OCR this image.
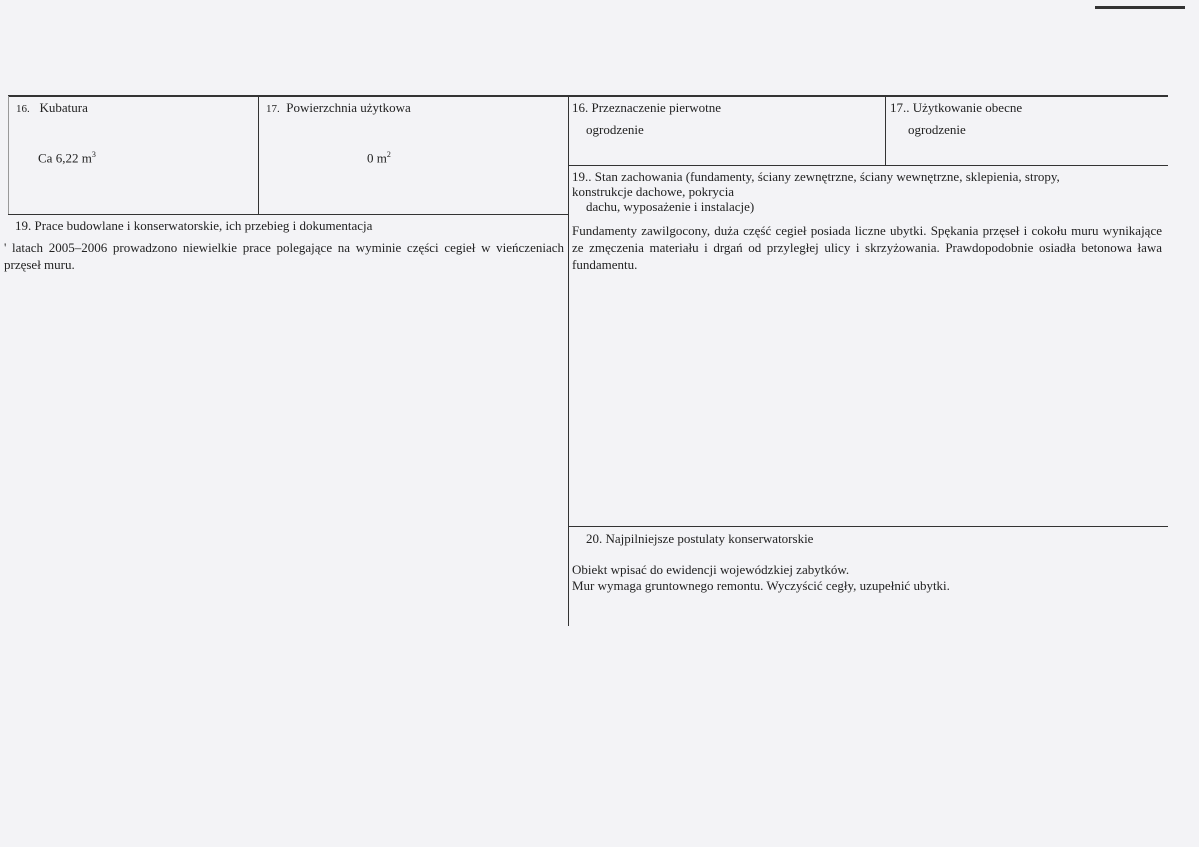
16. Kubatura
Ca 6,22 $m^3$
17. Powierzchnia użytkowa
0 $m^2$
19. Prace budowlane i konserwatorskie, ich przebieg i dokumentacja
' latach 2005–2006 prowadzono niewielkie prace polegające na wyminie części cegieł w vieńczeniach przęseł muru.
16. Przeznaczenie pierwotne
ogrodzenie
17.. Użytkowanie obecne
ogrodzenie
19.. Stan zachowania (fundamenty, ściany zewnętrzne, ściany wewnętrzne, sklepienia, stropy,
konstrukcje dachowe, pokrycia
dachu, wyposażenie i instalacje)
Fundamenty zawilgocony, duża część cegieł posiada liczne ubytki. Spękania przęseł i cokołu muru wynikające ze zmęczenia materiału i drgań od przyległej ulicy i skrzyżowania. Prawdopodobnie osiadła betonowa ława fundamentu.
20. Najpilniejsze postulaty konserwatorskie
Obiekt wpisać do ewidencji wojewódzkiej zabytków.
Mur wymaga gruntownego remontu. Wyczyścić cegły, uzupełnić ubytki.
